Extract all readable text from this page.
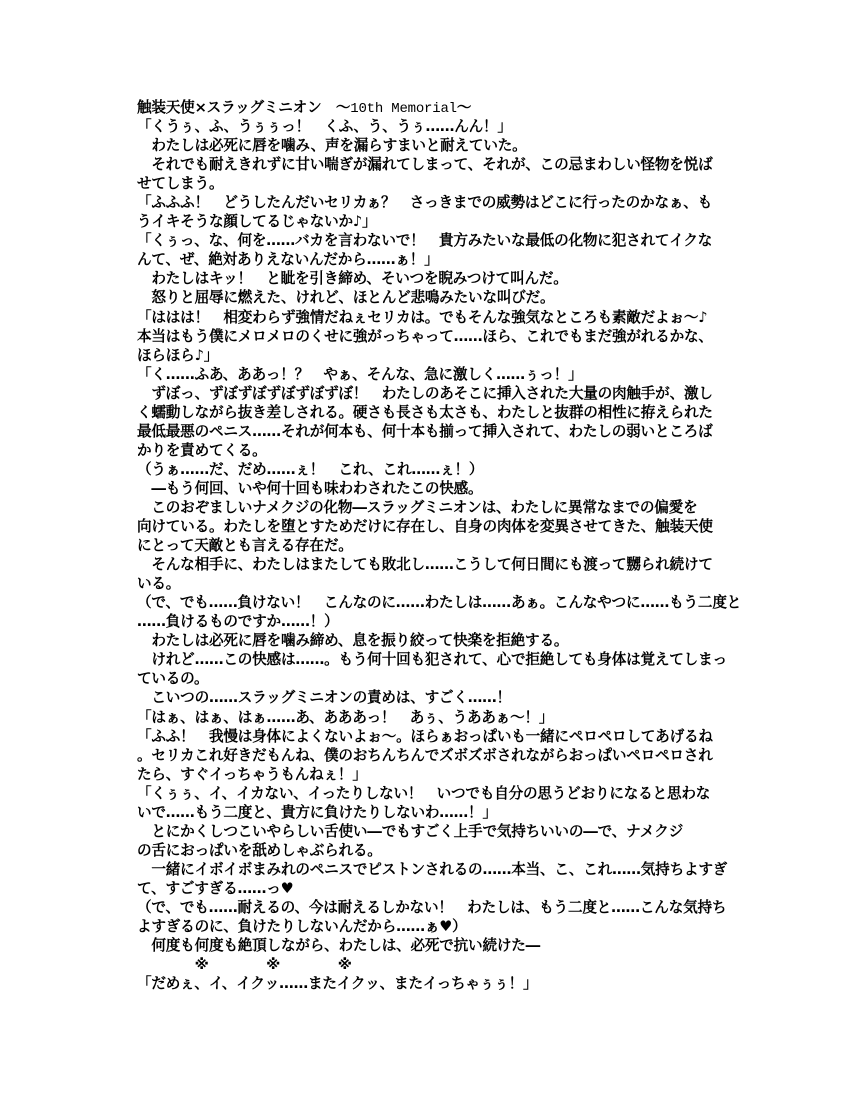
触装天使×スラッグミニオン　～10th Memorial～
「くうぅ、ふ、うぅぅっ！　くふ、う、うぅ……んん！」
　わたしは必死に唇を噛み、声を漏らすまいと耐えていた。
　それでも耐えきれずに甘い喘ぎが漏れてしまって、それが、この忌まわしい怪物を悦ば
せてしまう。
「ふふふ！　どうしたんだいセリカぁ？　さっきまでの威勢はどこに行ったのかなぁ、も
うイキそうな顔してるじゃないか♪」
「くぅっ、な、何を……バカを言わないで！　貴方みたいな最低の化物に犯されてイクな
んて、ぜ、絶対ありえないんだから……ぁ！」
　わたしはキッ！　と眦を引き締め、そいつを睨みつけて叫んだ。
　怒りと屈辱に燃えた、けれど、ほとんど悲鳴みたいな叫びだ。
「ははは！　相変わらず強情だねぇセリカは。でもそんな強気なところも素敵だよぉ～♪
本当はもう僕にメロメロのくせに強がっちゃって……ほら、これでもまだ強がれるかな、
ほらほら♪」
「く……ふあ、ああっ！？　やぁ、そんな、急に激しく……ぅっ！」
　ずぼっ、ずぼずぼずぼずぼずぼ！　わたしのあそこに挿入された大量の肉触手が、激し
く蠕動しながら抜き差しされる。硬さも長さも太さも、わたしと抜群の相性に拵えられた
最低最悪のペニス……それが何本も、何十本も揃って挿入されて、わたしの弱いところば
かりを責めてくる。
（うぁ……だ、だめ……ぇ！　これ、これ……ぇ！）
　―もう何回、いや何十回も味わわされたこの快感。
　このおぞましいナメクジの化物―スラッグミニオンは、わたしに異常なまでの偏愛を
向けている。わたしを堕とすためだけに存在し、自身の肉体を変異させてきた、触装天使
にとって天敵とも言える存在だ。
　そんな相手に、わたしはまたしても敗北し……こうして何日間にも渡って嬲られ続けて
いる。
（で、でも……負けない！　こんなのに……わたしは……あぁ。こんなやつに……もう二度と
……負けるものですか……！）
　わたしは必死に唇を噛み締め、息を振り絞って快楽を拒絶する。
　けれど……この快感は……。もう何十回も犯されて、心で拒絶しても身体は覚えてしまっ
ているの。
　こいつの……スラッグミニオンの責めは、すごく……！
「はぁ、はぁ、はぁ……あ、あああっ！　あぅ、うああぁ～！」
「ふふ！　我慢は身体によくないよぉ～。ほらぁおっぱいも一緒にペロペロしてあげるね
。セリカこれ好きだもんね、僕のおちんちんでズボズボされながらおっぱいペロペロされ
たら、すぐイっちゃうもんねぇ！」
「くぅぅ、イ、イカない、イったりしない！　いつでも自分の思うどおりになると思わな
いで……もう二度と、貴方に負けたりしないわ……！」
　とにかくしつこいやらしい舌使い―でもすごく上手で気持ちいいの―で、ナメクジ
の舌におっぱいを舐めしゃぶられる。
　一緒にイボイボまみれのペニスでピストンされるの……本当、こ、これ……気持ちよすぎ
て、すごすぎる……っ♥
（で、でも……耐えるの、今は耐えるしかない！　わたしは、もう二度と……こんな気持ち
よすぎるのに、負けたりしないんだから……ぁ♥）
　何度も何度も絶頂しながら、わたしは、必死で抗い続けた―
　　　　※　　　　※　　　　※
「だめぇ、イ、イクッ……またイクッ、またイっちゃぅぅ！」
